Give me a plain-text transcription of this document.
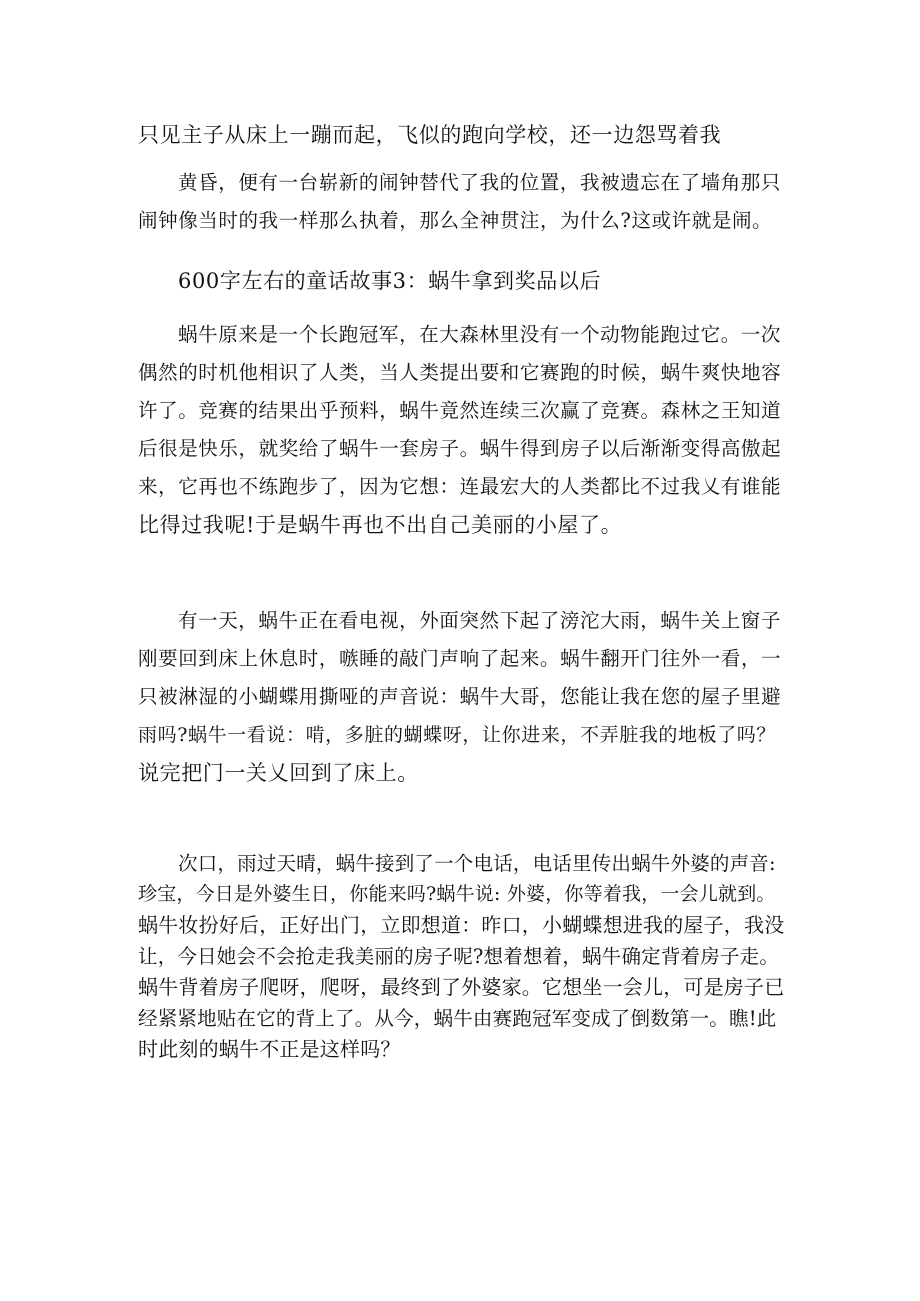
只见主子从床上一蹦而起，飞似的跑向学校，还一边怨骂着我

黄昏，便有一台崭新的闹钟替代了我的位置，我被遗忘在了墙角那只
闹钟像当时的我一样那么执着，那么全神贯注，为什么?这或许就是闹。

600字左右的童话故事3：蜗牛拿到奖品以后

蜗牛原来是一个长跑冠军，在大森林里没有一个动物能跑过它。一次
偶然的时机他相识了人类，当人类提出要和它赛跑的时候，蜗牛爽快地容
许了。竞赛的结果出乎预料，蜗牛竟然连续三次赢了竞赛。森林之王知道
后很是快乐，就奖给了蜗牛一套房子。蜗牛得到房子以后渐渐变得高傲起
来，它再也不练跑步了，因为它想：连最宏大的人类都比不过我乂有谁能
比得过我呢!于是蜗牛再也不出自己美丽的小屋了。

有一天，蜗牛正在看电视，外面突然下起了滂沱大雨，蜗牛关上窗子
刚要回到床上休息时，嗾睡的敲门声响了起来。蜗牛翻开门往外一看，一
只被淋湿的小蝴蝶用撕哑的声音说：蜗牛大哥，您能让我在您的屋子里避
雨吗?蜗牛一看说：啃，多脏的蝴蝶呀，让你进来，不弄脏我的地板了吗？
说完把门一关乂回到了床上。

次口，雨过天晴，蜗牛接到了一个电话，电话里传出蜗牛外婆的声音:
珍宝，今日是外婆生日，你能来吗?蜗牛说: 外婆，你等着我，一会儿就到。
蜗牛妆扮好后，正好出门，立即想道：昨口，小蝴蝶想进我的屋子，我没
让，今日她会不会抢走我美丽的房子呢?想着想着，蜗牛确定背着房子走。
蜗牛背着房子爬呀，爬呀，最终到了外婆家。它想坐一会儿，可是房子已
经紧紧地贴在它的背上了。从今，蜗牛由赛跑冠军变成了倒数第一。瞧!此
时此刻的蜗牛不正是这样吗？
